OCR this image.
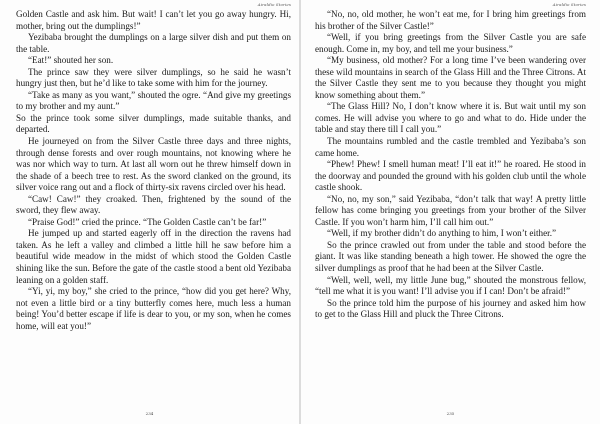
Airaldio Stories

Golden Castle and ask him. But wait! I can’t let you go away hungry. Hi, mother, bring out the dumplings!”

Yezibaba brought the dumplings on a large silver dish and put them on the table.

“Eat!” shouted her son.

The prince saw they were silver dumplings, so he said he wasn’t hungry just then, but he’d like to take some with him for the journey.

“Take as many as you want,” shouted the ogre. “And give my greetings to my brother and my aunt.”

So the prince took some silver dumplings, made suitable thanks, and departed.

He journeyed on from the Silver Castle three days and three nights, through dense forests and over rough mountains, not knowing where he was nor which way to turn. At last all worn out he threw himself down in the shade of a beech tree to rest. As the sword clanked on the ground, its silver voice rang out and a flock of thirty-six ravens circled over his head.

“Caw! Caw!” they croaked. Then, frightened by the sound of the sword, they flew away.

“Praise God!” cried the prince. “The Golden Castle can’t be far!”

He jumped up and started eagerly off in the direction the ravens had taken. As he left a valley and climbed a little hill he saw before him a beautiful wide meadow in the midst of which stood the Golden Castle shining like the sun. Before the gate of the castle stood a bent old Yezibaba leaning on a golden staff.

“Yi, yi, my boy,” she cried to the prince, “how did you get here? Why, not even a little bird or a tiny butterfly comes here, much less a human being! You’d better escape if life is dear to you, or my son, when he comes home, will eat you!”

234
Airaldio Stories

“No, no, old mother, he won’t eat me, for I bring him greetings from his brother of the Silver Castle!”

“Well, if you bring greetings from the Silver Castle you are safe enough. Come in, my boy, and tell me your business.”

“My business, old mother? For a long time I’ve been wandering over these wild mountains in search of the Glass Hill and the Three Citrons. At the Silver Castle they sent me to you because they thought you might know something about them.”

“The Glass Hill? No, I don’t know where it is. But wait until my son comes. He will advise you where to go and what to do. Hide under the table and stay there till I call you.”

The mountains rumbled and the castle trembled and Yezibaba’s son came home.

“Phew! Phew! I smell human meat! I’ll eat it!” he roared. He stood in the doorway and pounded the ground with his golden club until the whole castle shook.

“No, no, my son,” said Yezibaba, “don’t talk that way! A pretty little fellow has come bringing you greetings from your brother of the Silver Castle. If you won’t harm him, I’ll call him out.”

“Well, if my brother didn’t do anything to him, I won’t either.”

So the prince crawled out from under the table and stood before the giant. It was like standing beneath a high tower. He showed the ogre the silver dumplings as proof that he had been at the Silver Castle.

“Well, well, well, my little June bug,” shouted the monstrous fellow, “tell me what it is you want! I’ll advise you if I can! Don’t be afraid!”

So the prince told him the purpose of his journey and asked him how to get to the Glass Hill and pluck the Three Citrons.

235
